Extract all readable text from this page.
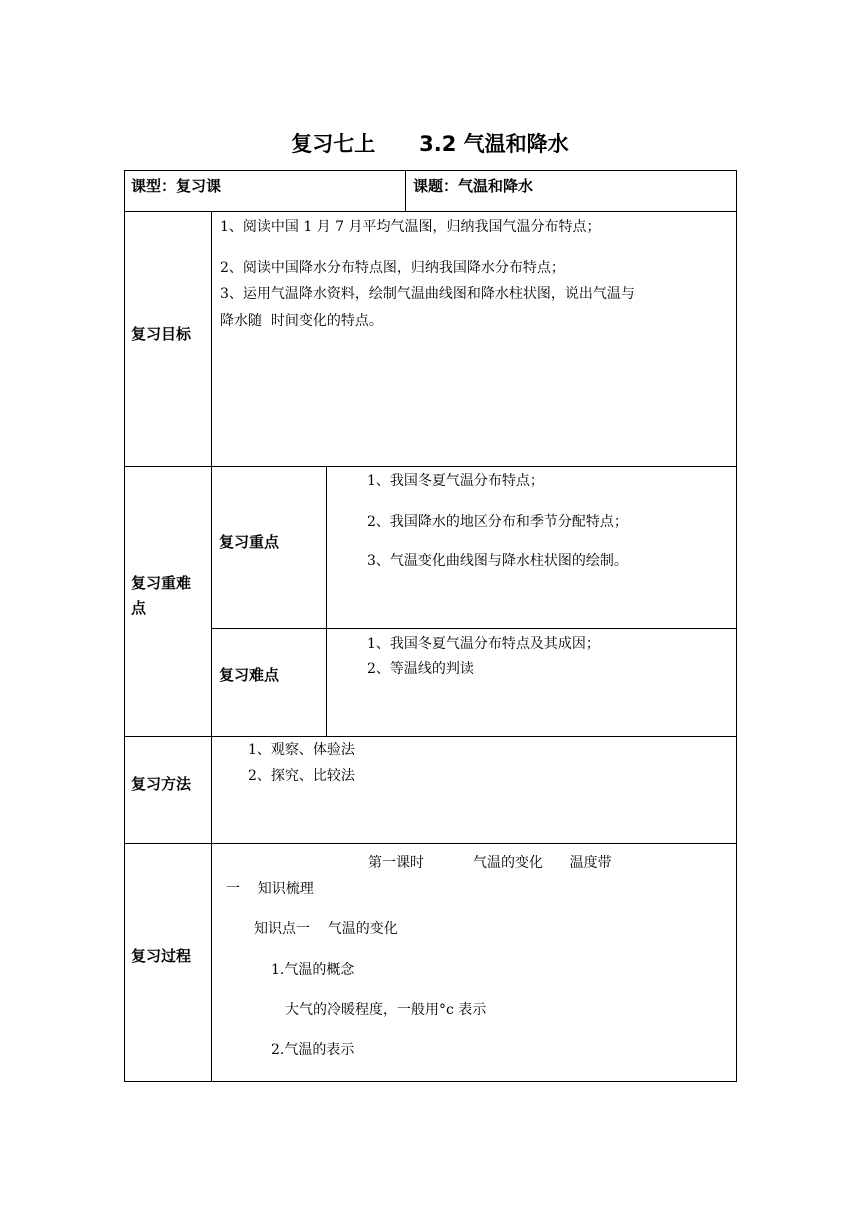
复习七上      3.2 气温和降水
课型：复习课	课题：气温和降水
复习目标
1、阅读中国 1 月 7 月平均气温图，归纳我国气温分布特点；
2、阅读中国降水分布特点图，归纳我国降水分布特点；
3、运用气温降水资料，绘制气温曲线图和降水柱状图，说出气温与
降水随  时间变化的特点。
复习重难
点
复习重点
1、我国冬夏气温分布特点；
2、我国降水的地区分布和季节分配特点；
3、气温变化曲线图与降水柱状图的绘制。
复习难点
1、我国冬夏气温分布特点及其成因；
2、等温线的判读
复习方法
1、观察、体验法
2、探究、比较法
复习过程
第一课时           气温的变化      温度带
一    知识梳理
知识点一    气温的变化
1.气温的概念
大气的冷暖程度，一般用°c 表示
2.气温的表示
